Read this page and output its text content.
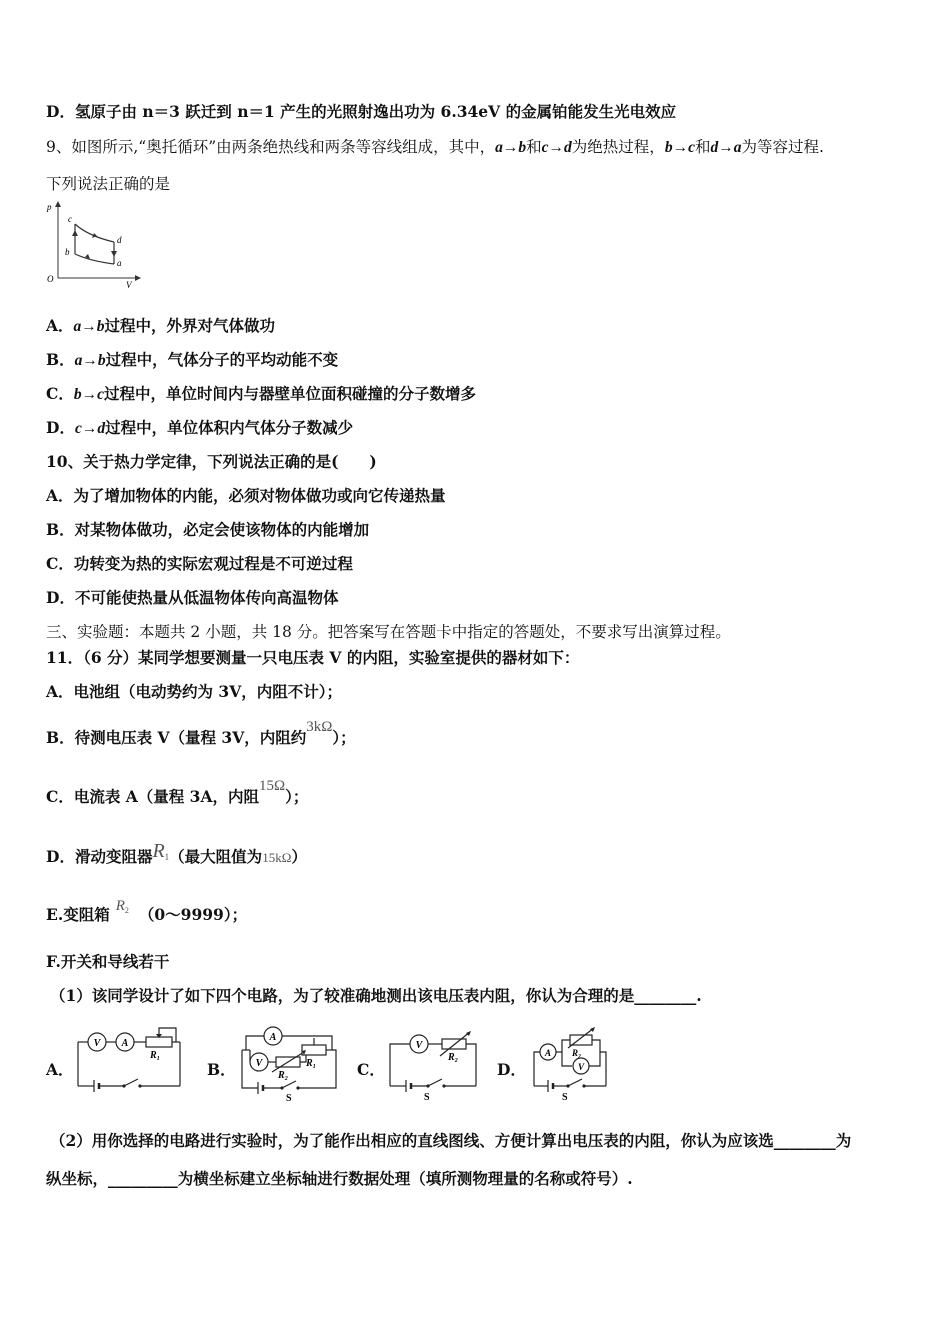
D．氢原子由 n＝3 跃迁到 n＝1 产生的光照射逸出功为 6.34eV 的金属铂能发生光电效应
9、如图所示,“奥托循环”由两条绝热线和两条等容线组成，其中，a→b和c→d为绝热过程，b→c和d→a为等容过程.
下列说法正确的是
p
V
O
c
b
d
a
A．a→b过程中，外界对气体做功
B．a→b过程中，气体分子的平均动能不变
C．b→c过程中，单位时间内与器壁单位面积碰撞的分子数增多
D．c→d过程中，单位体积内气体分子数减少
10、关于热力学定律，下列说法正确的是(　　)
A．为了增加物体的内能，必须对物体做功或向它传递热量
B．对某物体做功，必定会使该物体的内能增加
C．功转变为热的实际宏观过程是不可逆过程
D．不可能使热量从低温物体传向高温物体
三、实验题：本题共 2 小题，共 18 分。把答案写在答题卡中指定的答题处，不要求写出演算过程。
11．（6 分）某同学想要测量一只电压表 V 的内阻，实验室提供的器材如下：
A．电池组（电动势约为 3V，内阻不计）；
B．待测电压表 V（量程 3V，内阻约3kΩ）；
C．电流表 A（量程 3A，内阻15Ω）；
D．滑动变阻器R1（最大阻值为15kΩ）
E.变阻箱 $R^2$ （0～9999）；
F.开关和导线若干
（1）该同学设计了如下四个电路，为了较准确地测出该电压表内阻，你认为合理的是________.
A．	B．	C．	D．
V A
R₁
A
V
R₂
R₁
S
V
R₂
S
A R₂
V
S
（2）用你选择的电路进行实验时，为了能作出相应的直线图线、方便计算出电压表的内阻，你认为应该选________为
纵坐标，_________为横坐标建立坐标轴进行数据处理（填所测物理量的名称或符号）.
